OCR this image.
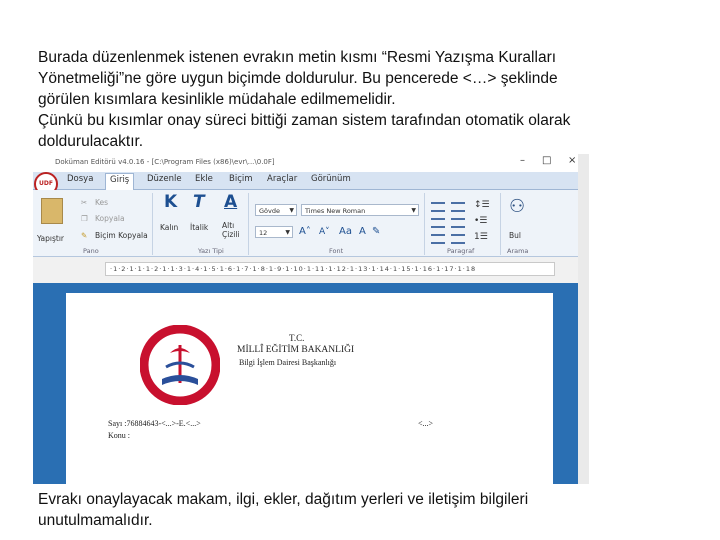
Burada düzenlenmek istenen evrakın metin kısmı “Resmi Yazışma Kuralları
Yönetmeliği”ne göre uygun biçimde doldurulur. Bu pencerede <…> şeklinde
görülen kısımlara kesinlikle müdahale edilmemelidir.
Çünkü bu kısımlar onay süreci bittiği zaman sistem tarafından otomatik olarak
doldurulacaktır.
Doküman Editörü v4.0.16 - [C:\Program Files (x86)\evr\...\0.0F]	– □ ×
Dosya	Giriş	Düzenle Ekle Biçim Araçlar Görünüm
UDF
Yapıştır
✂ Kes
❐ Kopyala
✎ Biçim Kopyala
Pano
K
Kalın
T
İtalik
A
Altı Çizili
Yazı Tipi
Gövde ▼	Times New Roman	▼
12	▼ A˄ A˅ Aa A ✎
Font
↕☰
•☰
1☰
Paragraf
⚇
Bul
Arama
·1·2·1·1·1·2·1·1·3·1·4·1·5·1·6·1·7·1·8·1·9·1·10·1·11·1·12·1·13·1·14·1·15·1·16·1·17·1·18
T.C.
MİLLÎ EĞİTİM BAKANLIĞI
Bilgi İşlem Dairesi Başkanlığı
Sayı :76884643-<...>-E.<...>	<...>
Konu :
Evrakı onaylayacak makam, ilgi, ekler, dağıtım yerleri ve iletişim bilgileri
unutulmamalıdır.
